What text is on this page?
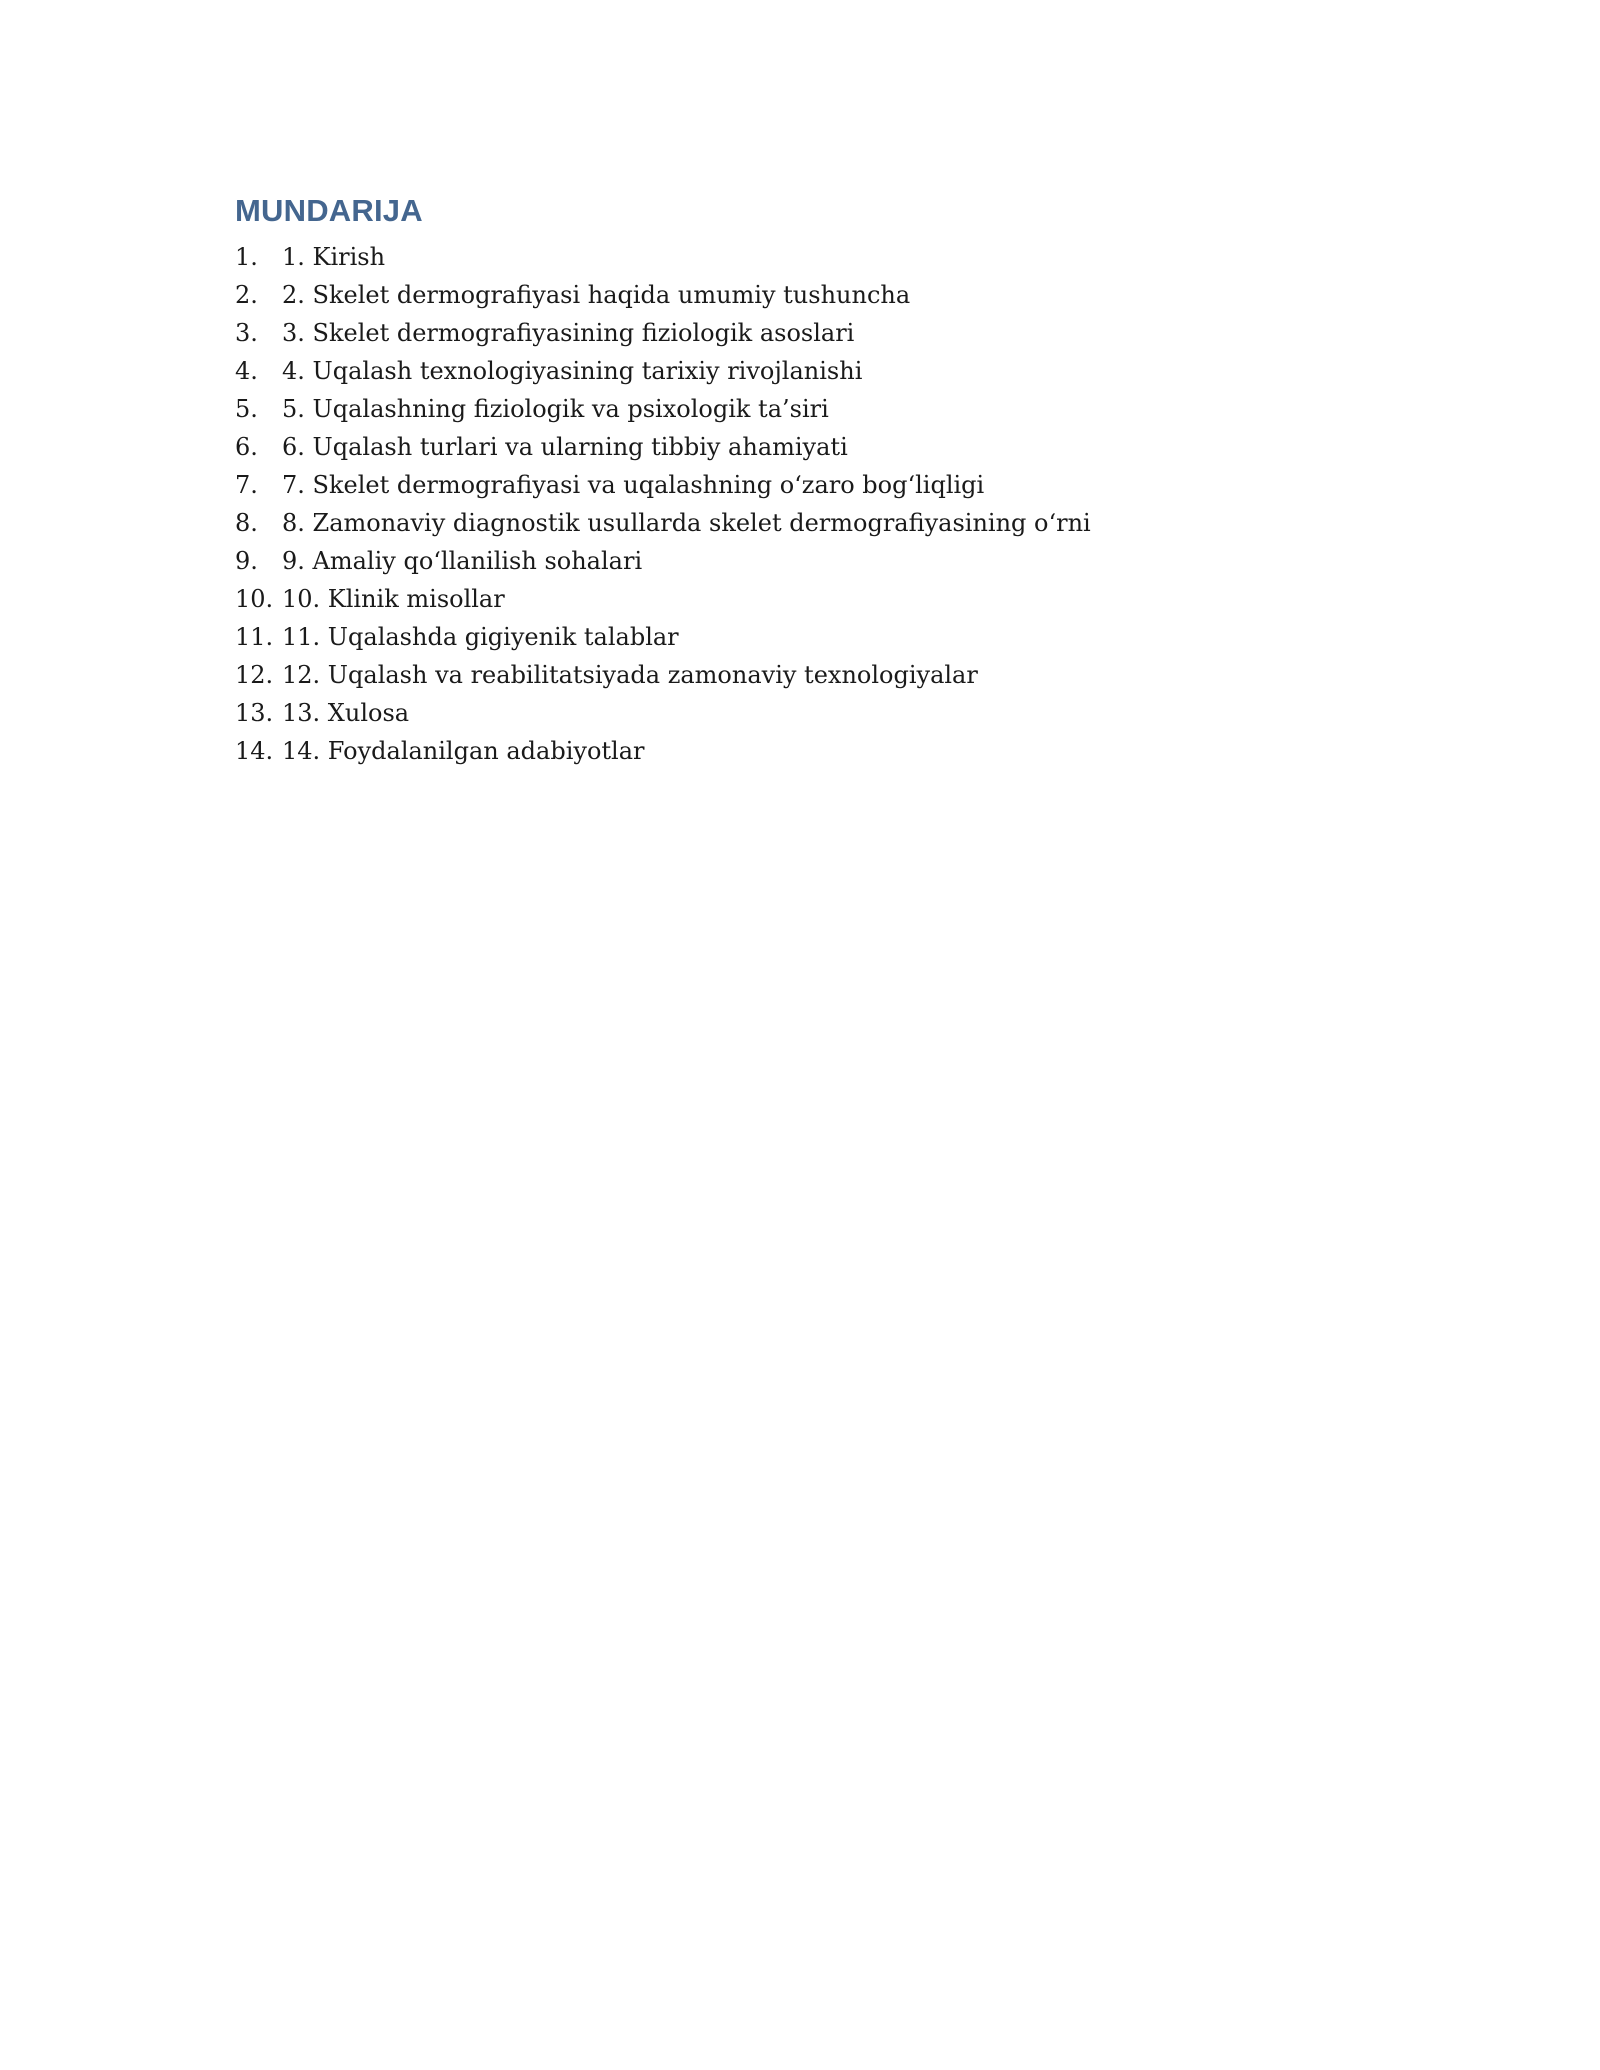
MUNDARIJA
1.	1. Kirish
2.	2. Skelet dermografiyasi haqida umumiy tushuncha
3.	3. Skelet dermografiyasining fiziologik asoslari
4.	4. Uqalash texnologiyasining tarixiy rivojlanishi
5.	5. Uqalashning fiziologik va psixologik ta’siri
6.	6. Uqalash turlari va ularning tibbiy ahamiyati
7.	7. Skelet dermografiyasi va uqalashning o‘zaro bog‘liqligi
8.	8. Zamonaviy diagnostik usullarda skelet dermografiyasining o‘rni
9.	9. Amaliy qo‘llanilish sohalari
10. 10. Klinik misollar
11. 11. Uqalashda gigiyenik talablar
12. 12. Uqalash va reabilitatsiyada zamonaviy texnologiyalar
13. 13. Xulosa
14. 14. Foydalanilgan adabiyotlar
